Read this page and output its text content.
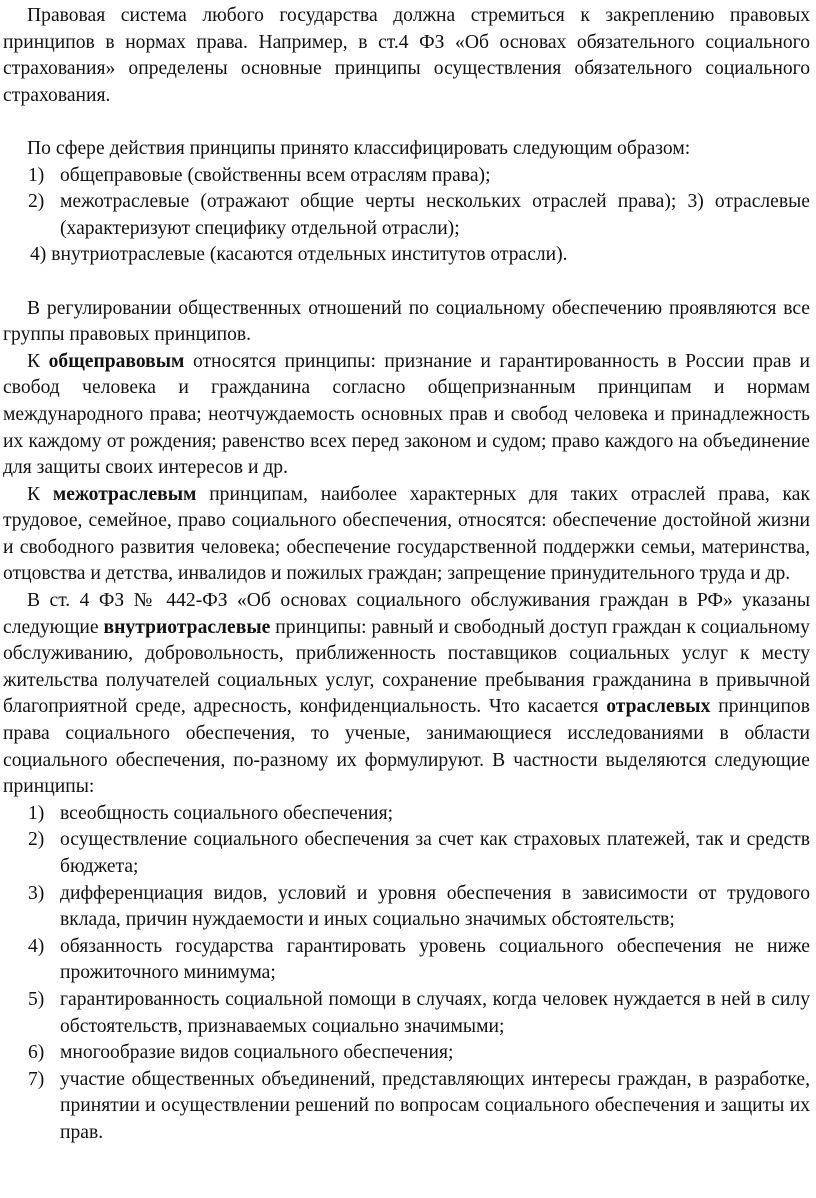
Правовая система любого государства должна стремиться к закреплению правовых принципов в нормах права. Например, в ст.4 ФЗ «Об основах обязательного социального страхования» определены основные принципы осуществления обязательного социального страхования.

По сфере действия принципы принято классифицировать следующим образом:

1) общеправовые (свойственны всем отраслям права);
2) межотраслевые (отражают общие черты нескольких отраслей права); 3) отраслевые (характеризуют специфику отдельной отрасли);
4) внутриотраслевые (касаются отдельных институтов отрасли).

В регулировании общественных отношений по социальному обеспечению проявляются все группы правовых принципов.

К общеправовым относятся принципы: признание и гарантированность в России прав и свобод человека и гражданина согласно общепризнанным принципам и нормам международного права; неотчуждаемость основных прав и свобод человека и принадлежность их каждому от рождения; равенство всех перед законом и судом; право каждого на объединение для защиты своих интересов и др.

К межотраслевым принципам, наиболее характерных для таких отраслей права, как трудовое, семейное, право социального обеспечения, относятся: обеспечение достойной жизни и свободного развития человека; обеспечение государственной поддержки семьи, материнства, отцовства и детства, инвалидов и пожилых граждан; запрещение принудительного труда и др.

В ст. 4 ФЗ № 442-ФЗ «Об основах социального обслуживания граждан в РФ» указаны следующие внутриотраслевые принципы: равный и свободный доступ граждан к социальному обслуживанию, добровольность, приближенность поставщиков социальных услуг к месту жительства получателей социальных услуг, сохранение пребывания гражданина в привычной благоприятной среде, адресность, конфиденциальность. Что касается отраслевых принципов права социального обеспечения, то ученые, занимающиеся исследованиями в области социального обеспечения, по-разному их формулируют. В частности выделяются следующие принципы:

1) всеобщность социального обеспечения;
2) осуществление социального обеспечения за счет как страховых платежей, так и средств бюджета;
3) дифференциация видов, условий и уровня обеспечения в зависимости от трудового вклада, причин нуждаемости и иных социально значимых обстоятельств;
4) обязанность государства гарантировать уровень социального обеспечения не ниже прожиточного минимума;
5) гарантированность социальной помощи в случаях, когда человек нуждается в ней в силу обстоятельств, признаваемых социально значимыми;
6) многообразие видов социального обеспечения;
7) участие общественных объединений, представляющих интересы граждан, в разработке, принятии и осуществлении решений по вопросам социального обеспечения и защиты их прав.
